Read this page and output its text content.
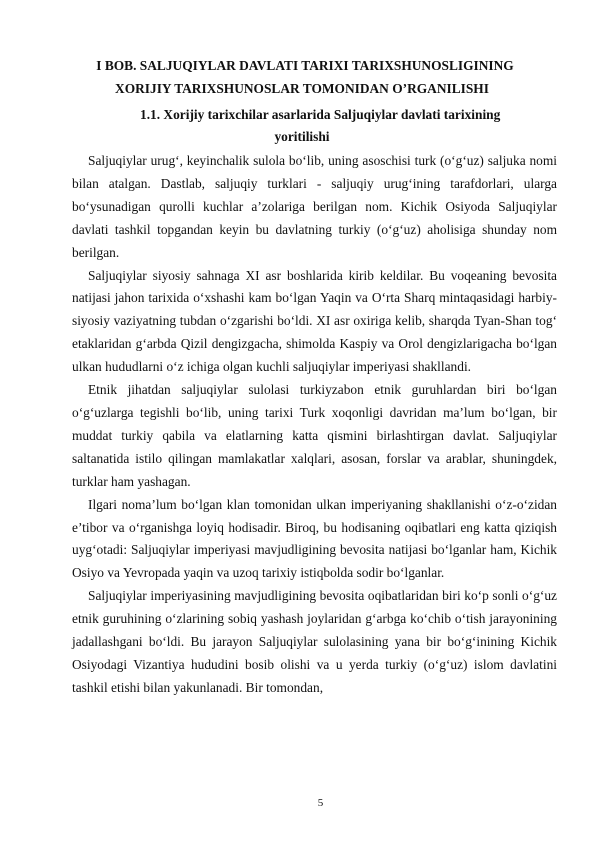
I BOB. SALJUQIYLAR DAVLATI TARIXI TARIXSHUNOSLIGINING
XORIJIY TARIXSHUNOSLAR TOMONIDAN O’RGANILISHI
1.1. Xorijiy tarixchilar asarlarida Saljuqiylar davlati tarixining
yoritilishi

Saljuqiylar urug‘, keyinchalik sulola bo‘lib, uning asoschisi turk (o‘g‘uz) saljuka nomi bilan atalgan. Dastlab, saljuqiy turklari - saljuqiy urug‘ining tarafdorlari, ularga bo‘ysunadigan qurolli kuchlar a’zolariga berilgan nom. Kichik Osiyoda Saljuqiylar davlati tashkil topgandan keyin bu davlatning turkiy (o‘g‘uz) aholisiga shunday nom berilgan.

Saljuqiylar siyosiy sahnaga XI asr boshlarida kirib keldilar. Bu voqeaning bevosita natijasi jahon tarixida o‘xshashi kam bo‘lgan Yaqin va O‘rta Sharq mintaqasidagi harbiy-siyosiy vaziyatning tubdan o‘zgarishi bo‘ldi. XI asr oxiriga kelib, sharqda Tyan-Shan tog‘ etaklaridan g‘arbda Qizil dengizgacha, shimolda Kaspiy va Orol dengizlarigacha bo‘lgan ulkan hududlarni o‘z ichiga olgan kuchli saljuqiylar imperiyasi shakllandi.

Etnik jihatdan saljuqiylar sulolasi turkiyzabon etnik guruhlardan biri bo‘lgan o‘g‘uzlarga tegishli bo‘lib, uning tarixi Turk xoqonligi davridan ma’lum bo‘lgan, bir muddat turkiy qabila va elatlarning katta qismini birlashtirgan davlat. Saljuqiylar saltanatida istilo qilingan mamlakatlar xalqlari, asosan, forslar va arablar, shuningdek, turklar ham yashagan.

Ilgari noma’lum bo‘lgan klan tomonidan ulkan imperiyaning shakllanishi o‘z-o‘zidan e’tibor va o‘rganishga loyiq hodisadir. Biroq, bu hodisaning oqibatlari eng katta qiziqish uyg‘otadi: Saljuqiylar imperiyasi mavjudligining bevosita natijasi bo‘lganlar ham, Kichik Osiyo va Yevropada yaqin va uzoq tarixiy istiqbolda sodir bo‘lganlar.

Saljuqiylar imperiyasining mavjudligining bevosita oqibatlaridan biri ko‘p sonli o‘g‘uz etnik guruhining o‘zlarining sobiq yashash joylaridan g‘arbga ko‘chib o‘tish jarayonining jadallashgani bo‘ldi. Bu jarayon Saljuqiylar sulolasining yana bir bo‘g‘inining Kichik Osiyodagi Vizantiya hududini bosib olishi va u yerda turkiy (o‘g‘uz) islom davlatini tashkil etishi bilan yakunlanadi. Bir tomondan,

5
